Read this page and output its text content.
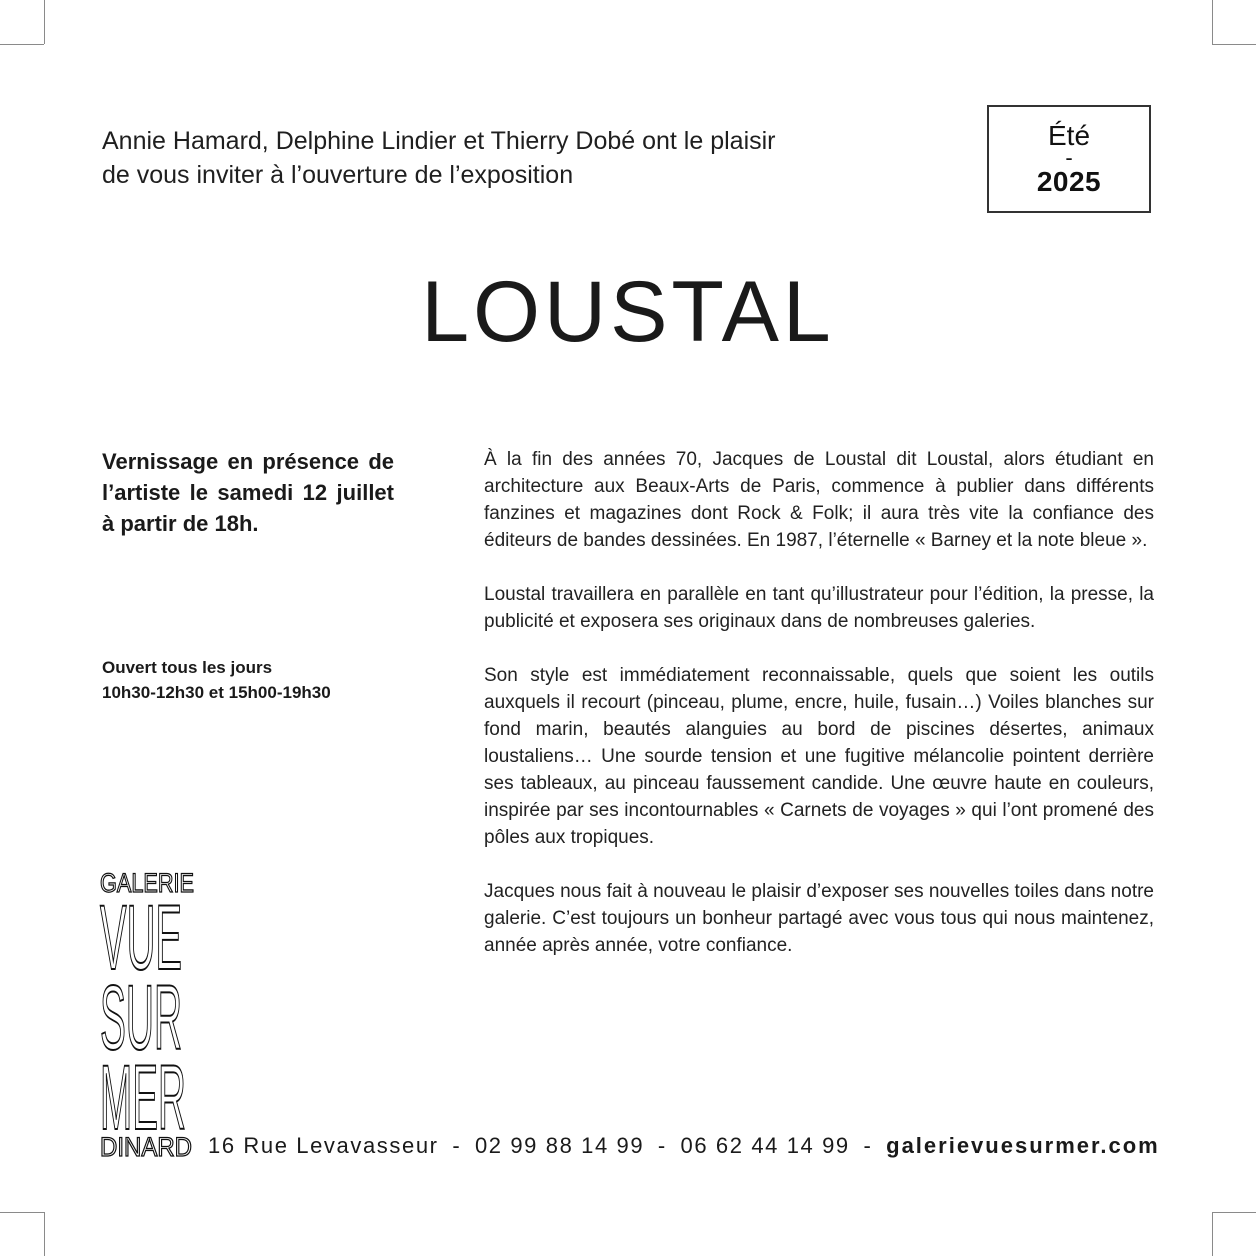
Annie Hamard, Delphine Lindier et Thierry Dobé ont le plaisir
de vous inviter à l’ouverture de l’exposition
Été
-
2025
LOUSTAL
Vernissage en présence de l’artiste le samedi 12 juillet à partir de 18h.
Ouvert tous les jours
10h30-12h30 et 15h00-19h30

À la fin des années 70, Jacques de Loustal dit Loustal, alors étudiant en architecture aux Beaux-Arts de Paris, commence à publier dans différents fanzines et magazines dont Rock & Folk; il aura très vite la confiance des éditeurs de bandes dessinées. En 1987, l’éternelle « Barney et la note bleue ».

Loustal travaillera en parallèle en tant qu’illustrateur pour l’édition, la presse, la publicité et exposera ses originaux dans de nombreuses galeries.

Son style est immédiatement reconnaissable, quels que soient les outils auxquels il recourt (pinceau, plume, encre, huile, fusain…) Voiles blanches sur fond marin, beautés alanguies au bord de piscines désertes, animaux loustaliens… Une sourde tension et une fugitive mélancolie pointent derrière ses tableaux, au pinceau faussement candide. Une œuvre haute en couleurs, inspirée par ses incontournables « Carnets de voyages » qui l’ont promené des pôles aux tropiques.

Jacques nous fait à nouveau le plaisir d’exposer ses nouvelles toiles dans notre galerie. C’est toujours un bonheur partagé avec vous tous qui nous maintenez, année après année, votre confiance.

GALERIE
VUE
SUR
MER
DINARD 16 Rue Levavasseur - 02 99 88 14 99 - 06 62 44 14 99 - galerievuesurmer.com
